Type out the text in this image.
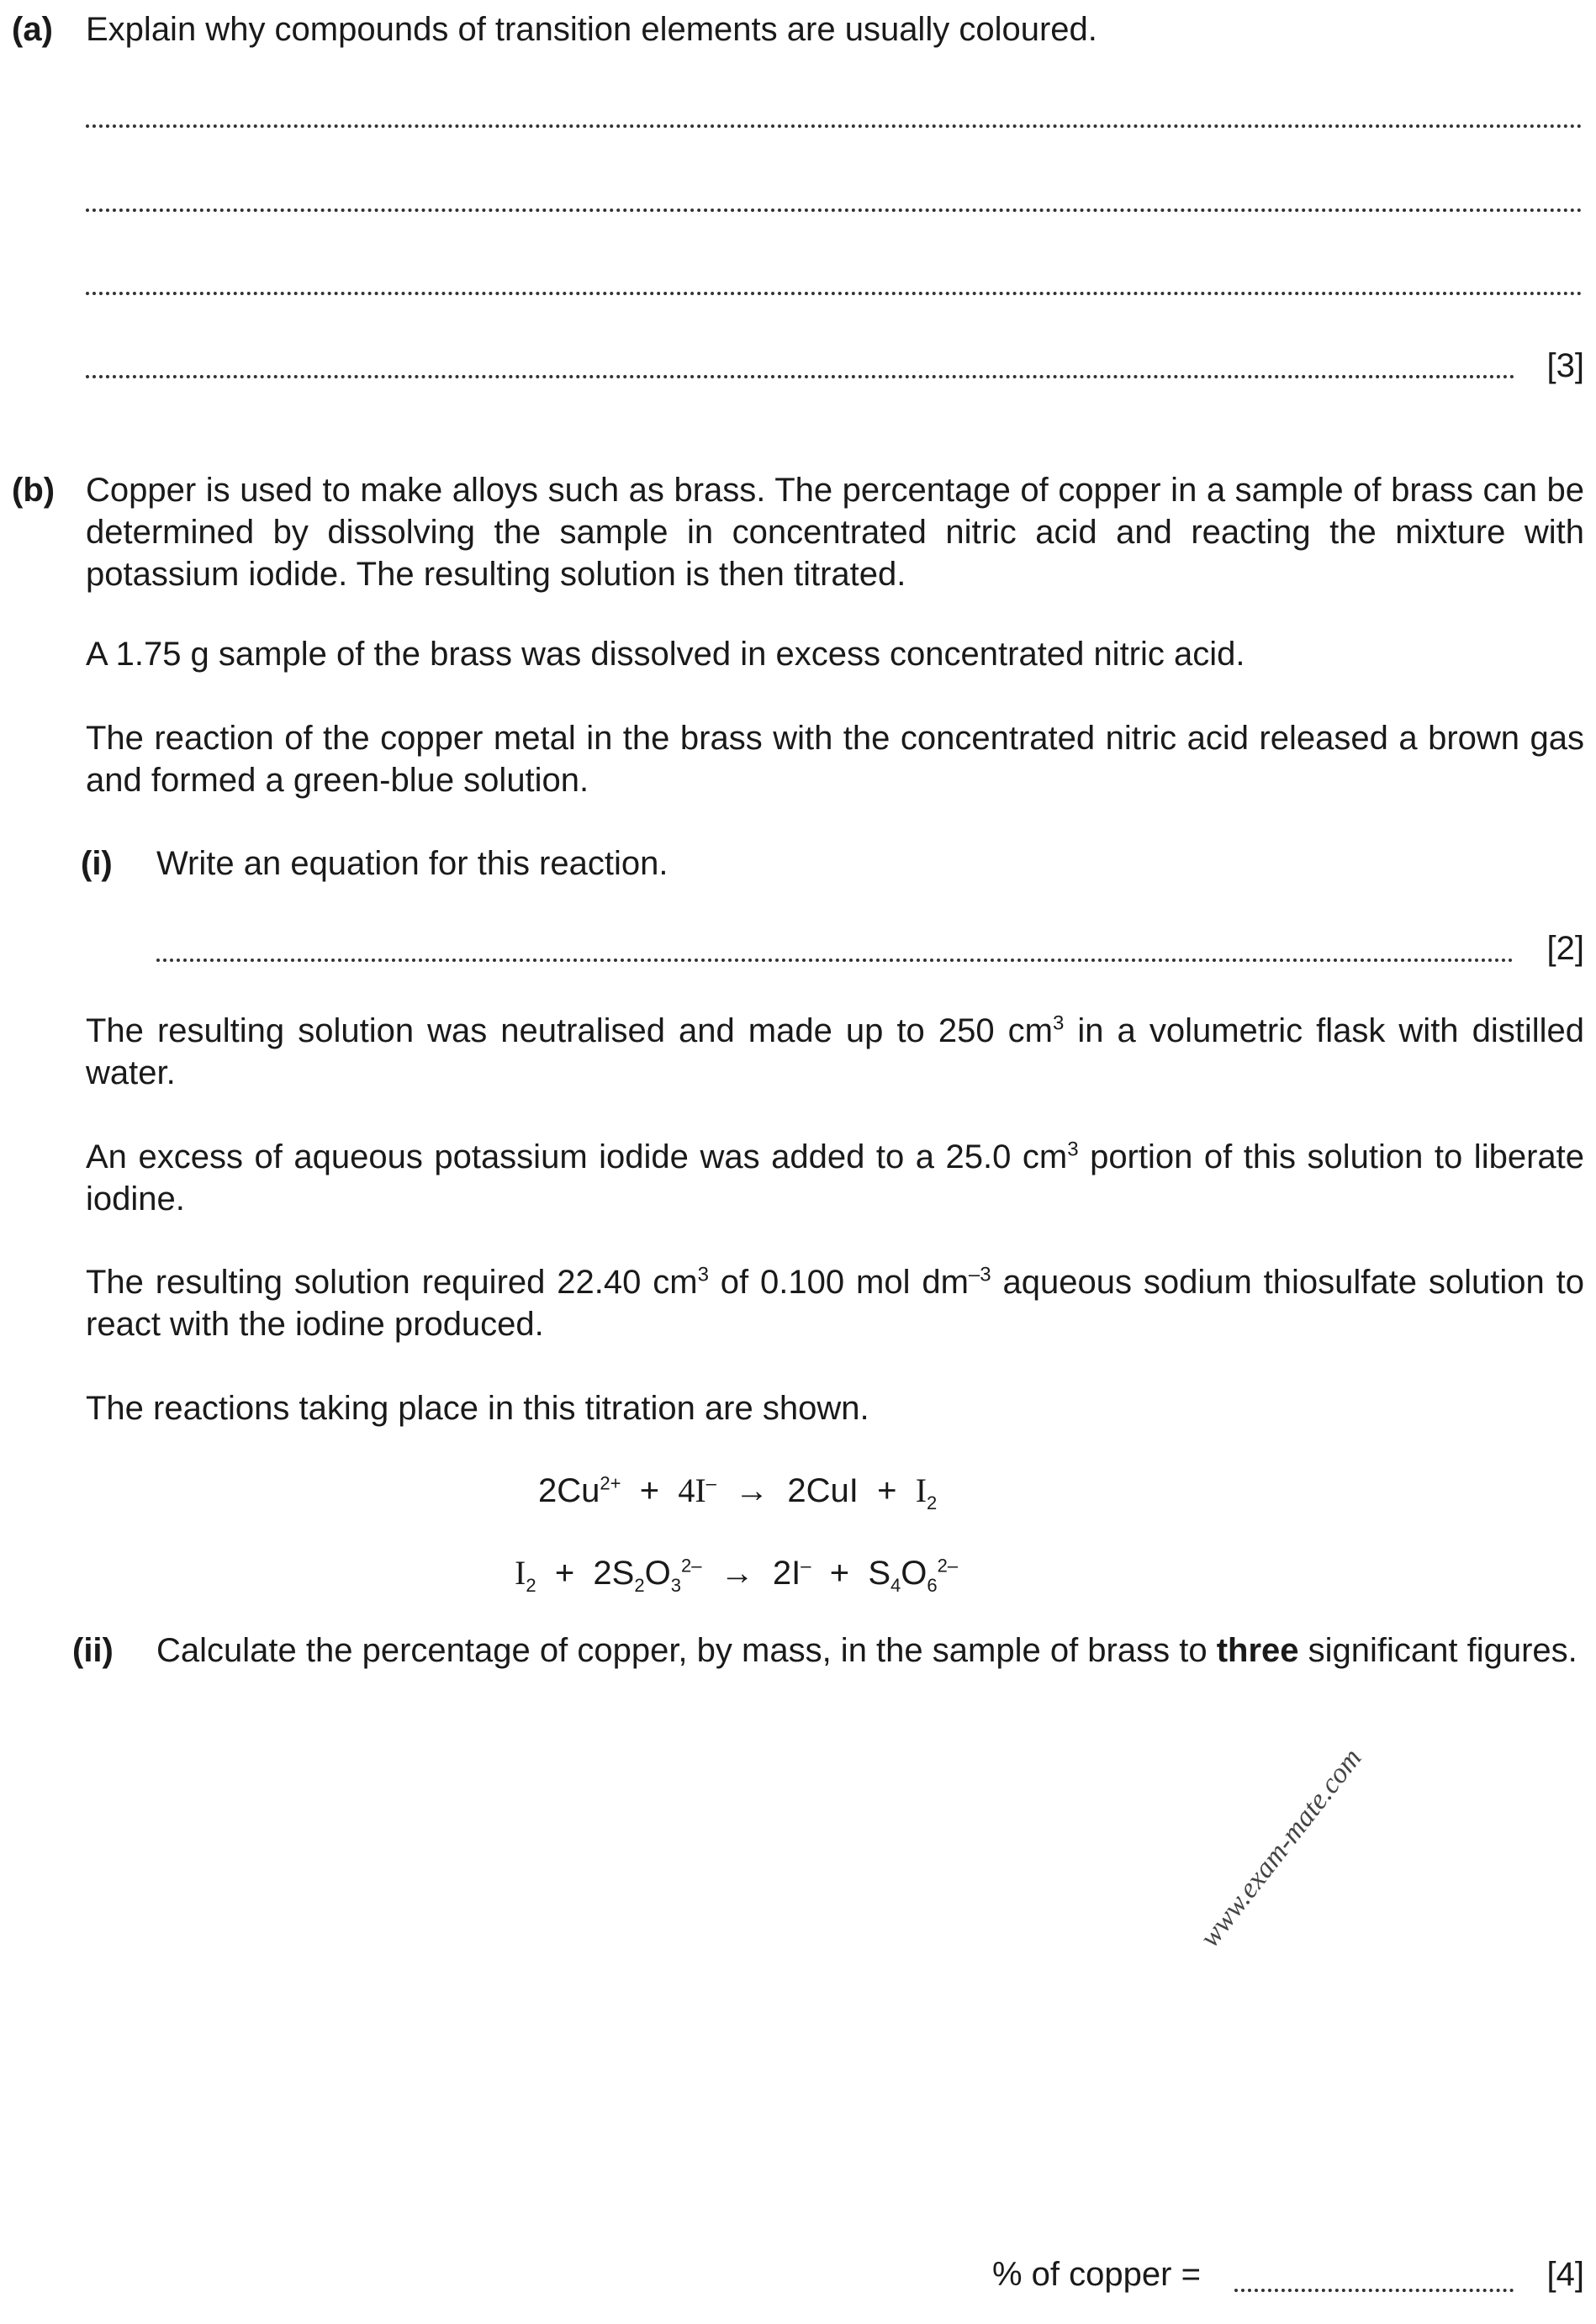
(a) Explain why compounds of transition elements are usually coloured.
[3]
(b) Copper is used to make alloys such as brass. The percentage of copper in a sample of brass can be determined by dissolving the sample in concentrated nitric acid and reacting the mixture with potassium iodide. The resulting solution is then titrated.
A 1.75 g sample of the brass was dissolved in excess concentrated nitric acid.
The reaction of the copper metal in the brass with the concentrated nitric acid released a brown gas and formed a green-blue solution.
(i) Write an equation for this reaction.
[2]
The resulting solution was neutralised and made up to 250 $cm^3$ in a volumetric flask with distilled water.
An excess of aqueous potassium iodide was added to a 25.0 $cm^3$ portion of this solution to liberate iodine.
The resulting solution required 22.40 $cm^3$ of 0.100 mol $dm^{-3}$ aqueous sodium thiosulfate solution to react with the iodine produced.
The reactions taking place in this titration are shown.
$2Cu^{2+} + 4I^- \to 2CuI + I_2$
$I_2 + 2S_2O_3^{2-} \to 2I^- + S_4O_6^{2-}$
(ii) Calculate the percentage of copper, by mass, in the sample of brass to three significant figures.
www.exam-mate.com
% of copper =	[4]
